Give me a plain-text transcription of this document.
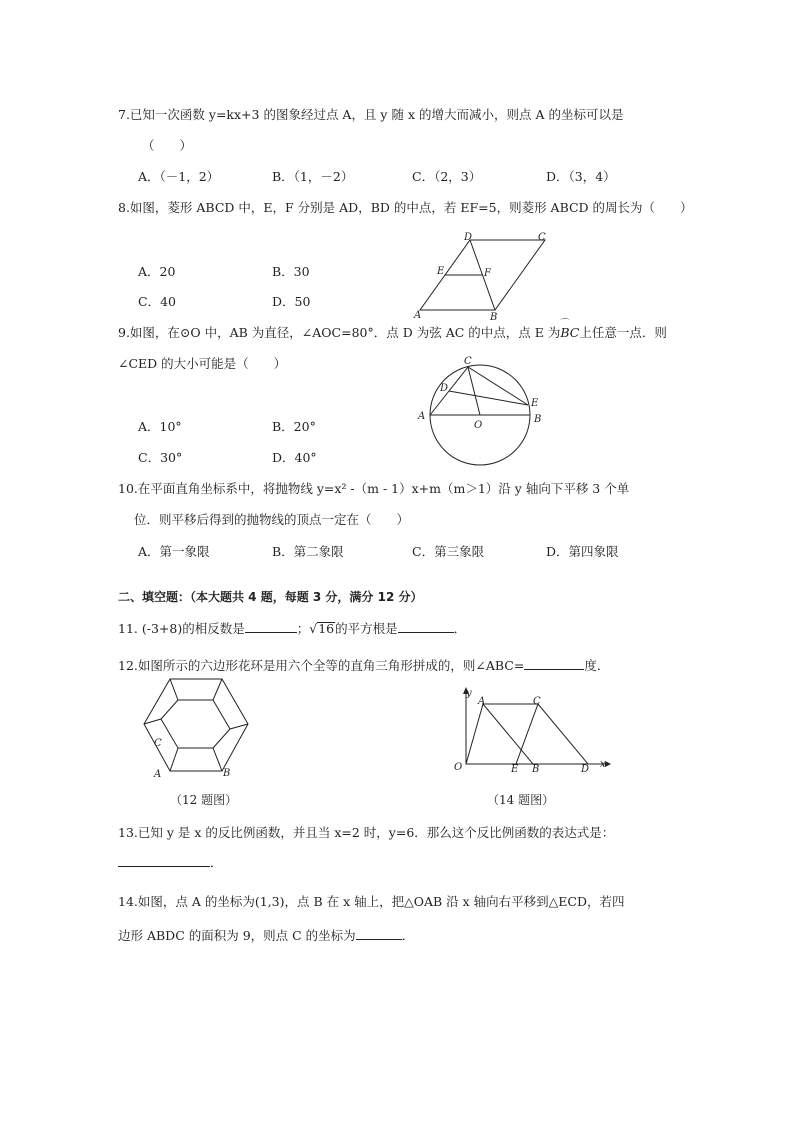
7.已知一次函数 y=kx+3 的图象经过点 A，且 y 随 x 的增大而减小，则点 A 的坐标可以是
（　　）
A．（－1，2）	B．（1，－2）	C．（2，3）	D．（3，4）
8.如图，菱形 ABCD 中，E，F 分别是 AD，BD 的中点，若 EF=5，则菱形 ABCD 的周长为（　　）
A．20	B．30
C．40	D．50
A	B
C
D
E	F
9.如图，在⊙O 中，AB 为直径，∠AOC=80°．点 D 为弦 AC 的中点，点 E 为⌒ BC上任意一点．则
∠CED 的大小可能是（　　）
A．10°	B．20°
C．30°	D．40°
A	B
C
D
E
O
10.在平面直角坐标系中，将抛物线 y=x² -（m - 1）x+m（m＞1）沿 y 轴向下平移 3 个单
位．则平移后得到的抛物线的顶点一定在（　　）
A．第一象限	B．第二象限	C．第三象限	D．第四象限
二、填空题：（本大题共 4 题，每题 3 分，满分 12 分）
11. (-3+8)的相反数是	；√16的平方根是	．
12.如图所示的六边形花环是用六个全等的直角三角形拼成的，则∠ABC=	度．
C
A	B
（12 题图）
y
x
O
A	C
E B	D
（14 题图）
13.已知 y 是 x 的反比例函数，并且当 x=2 时，y=6．那么这个反比例函数的表达式是：
．
14.如图，点 A 的坐标为(1,3)，点 B 在 x 轴上，把△OAB 沿 x 轴向右平移到△ECD，若四
边形 ABDC 的面积为 9，则点 C 的坐标为	．
